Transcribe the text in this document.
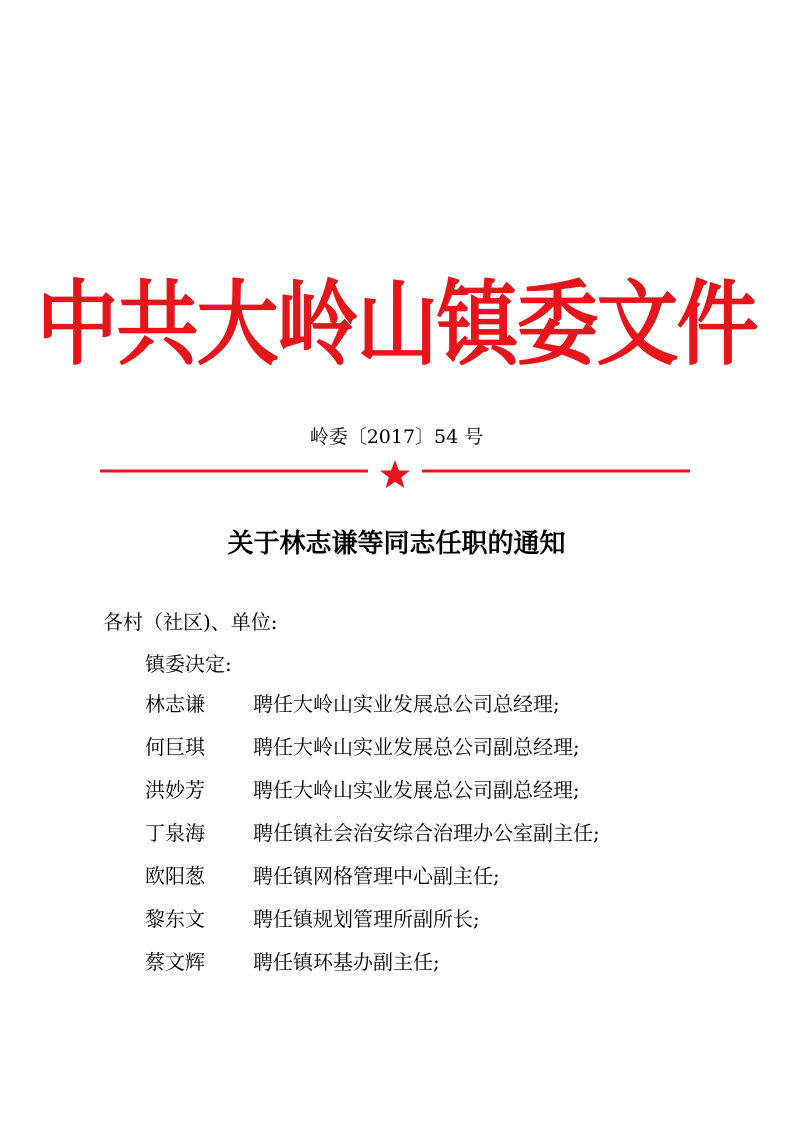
中共大岭山镇委文件
岭委〔2017〕54 号
关于林志谦等同志任职的通知
各村（社区)、单位:
镇委决定:
林志谦 聘任大岭山实业发展总公司总经理;
何巨琪 聘任大岭山实业发展总公司副总经理;
洪妙芳 聘任大岭山实业发展总公司副总经理;
丁泉海 聘任镇社会治安综合治理办公室副主任;
欧阳葱 聘任镇网格管理中心副主任;
黎东文 聘任镇规划管理所副所长;
蔡文辉 聘任镇环基办副主任;
